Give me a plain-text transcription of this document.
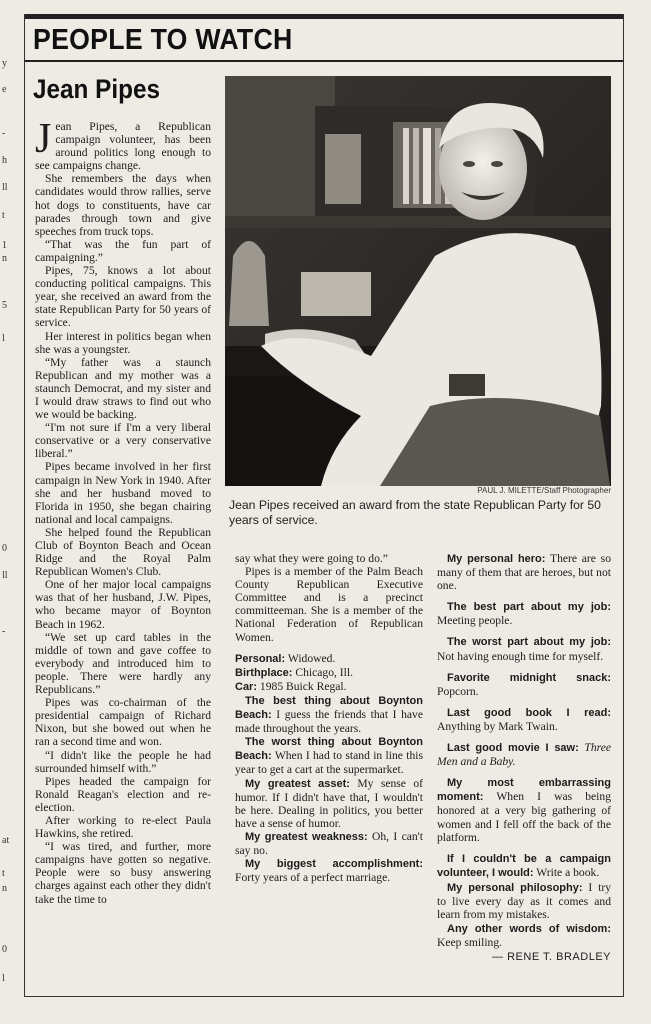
y
e
-
h
ll
t
1
n
5
l
0
ll
-
at
t
n
0
l
PEOPLE TO WATCH
Jean Pipes

Jean Pipes, a Republican campaign volunteer, has been around politics long enough to see campaigns change.

She remembers the days when candidates would throw rallies, serve hot dogs to constituents, have car parades through town and give speeches from truck tops.

“That was the fun part of campaigning.”

Pipes, 75, knows a lot about conducting political campaigns. This year, she received an award from the state Republican Party for 50 years of service.

Her interest in politics began when she was a youngster.

“My father was a staunch Republican and my mother was a staunch Democrat, and my sister and I would draw straws to find out who we would be backing.

“I'm not sure if I'm a very liberal conservative or a very conservative liberal.”

Pipes became involved in her first campaign in New York in 1940. After she and her husband moved to Florida in 1950, she began chairing national and local campaigns.

She helped found the Republican Club of Boynton Beach and Ocean Ridge and the Royal Palm Republican Women's Club.

One of her major local campaigns was that of her husband, J.W. Pipes, who became mayor of Boynton Beach in 1962.

“We set up card tables in the middle of town and gave coffee to everybody and introduced him to people. There were hardly any Republicans.”

Pipes was co-chairman of the presidential campaign of Richard Nixon, but she bowed out when he ran a second time and won.

“I didn't like the people he had surrounded himself with.”

Pipes headed the campaign for Ronald Reagan's election and re-election.

After working to re-elect Paula Hawkins, she retired.

“I was tired, and further, more campaigns have gotten so negative. People were so busy answering charges against each other they didn't take the time to

PAUL J. MILETTE/Staff Photographer
Jean Pipes received an award from the state Republican Party for 50 years of service.

say what they were going to do.”

Pipes is a member of the Palm Beach County Republican Executive Committee and is a precinct committeeman. She is a member of the National Federation of Republican Women.

Personal: Widowed.
Birthplace: Chicago, Ill.
Car: 1985 Buick Regal.

The best thing about Boynton Beach: I guess the friends that I have made throughout the years.

The worst thing about Boynton Beach: When I had to stand in line this year to get a cart at the supermarket.

My greatest asset: My sense of humor. If I didn't have that, I wouldn't be here. Dealing in politics, you better have a sense of humor.

My greatest weakness: Oh, I can't say no.

My biggest accomplishment: Forty years of a perfect marriage.

My personal hero: There are so many of them that are heroes, but not one.

The best part about my job: Meeting people.

The worst part about my job: Not having enough time for myself.

Favorite midnight snack: Popcorn.

Last good book I read: Anything by Mark Twain.

Last good movie I saw: Three Men and a Baby.

My most embarrassing moment: When I was being honored at a very big gathering of women and I fell off the back of the platform.

If I couldn't be a campaign volunteer, I would: Write a book.

My personal philosophy: I try to live every day as it comes and learn from my mistakes.

Any other words of wisdom: Keep smiling.

— RENE T. BRADLEY
